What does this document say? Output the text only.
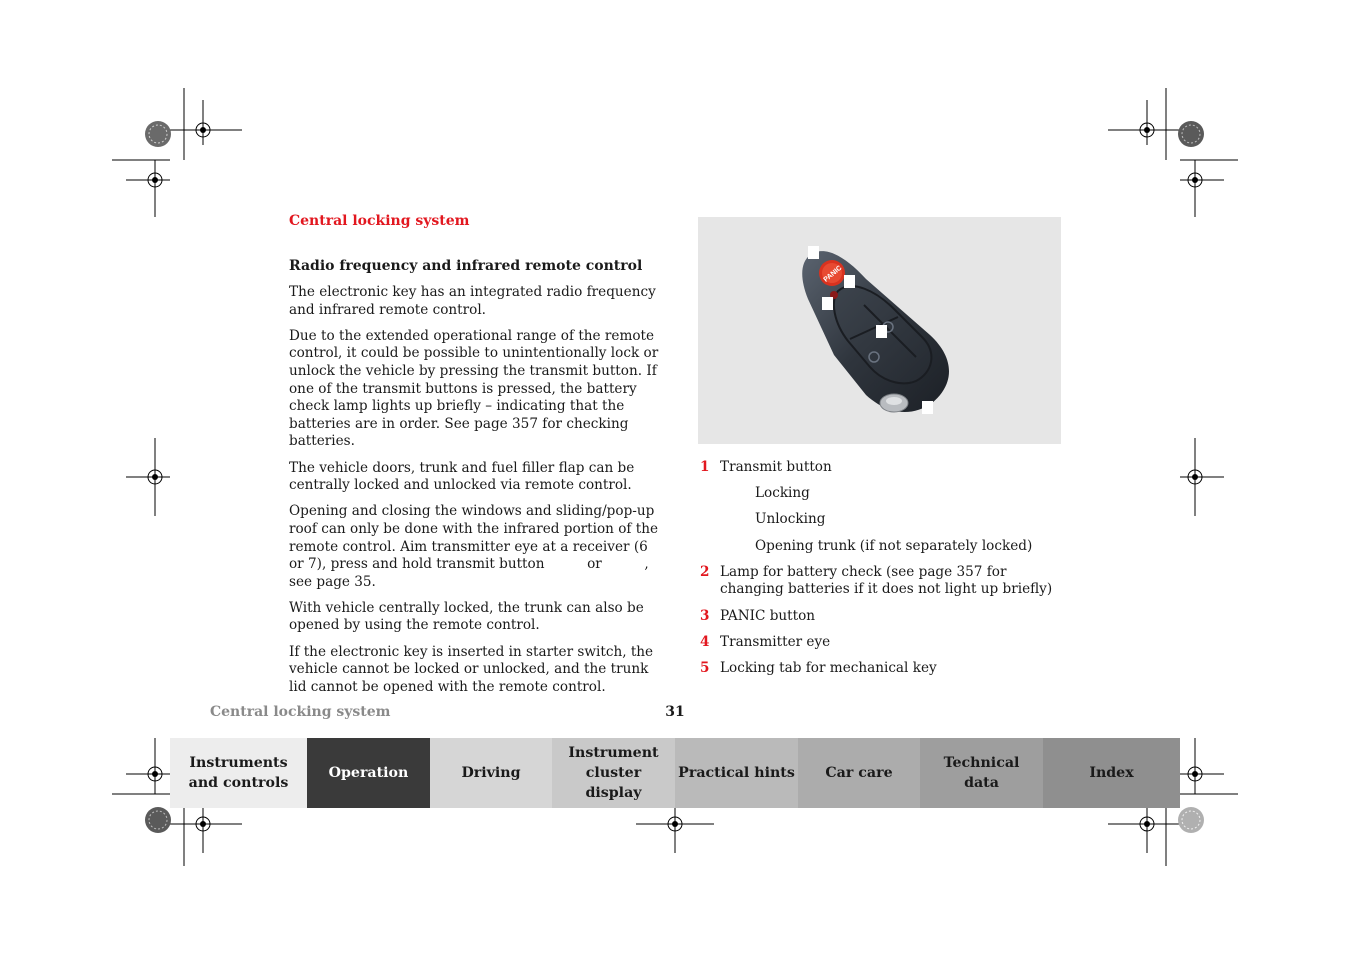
Central locking system
Radio frequency and infrared remote control

The electronic key has an integrated radio frequency and infrared remote control.

Due to the extended operational range of the remote control, it could be possible to unintentionally lock or unlock the vehicle by pressing the transmit button. If one of the transmit buttons is pressed, the battery check lamp lights up briefly – indicating that the batteries are in order. See page 357 for checking batteries.

The vehicle doors, trunk and fuel filler flap can be centrally locked and unlocked via remote control.

Opening and closing the windows and sliding/pop-up roof can only be done with the infrared portion of the remote control. Aim transmitter eye at a receiver (6 or 7), press and hold transmit button     or     , see page 35.

With vehicle centrally locked, the trunk can also be opened by using the remote control.

If the electronic key is inserted in starter switch, the vehicle cannot be locked or unlocked, and the trunk lid cannot be opened with the remote control.

PANIC
1 Transmit button
Locking
Unlocking
Opening trunk (if not separately locked)
2 Lamp for battery check (see page 357 for changing batteries if it does not light up briefly)
3 PANIC button
4 Transmitter eye
5 Locking tab for mechanical key
Central locking system	31
Instruments and controls
Operation	Driving
Instrument cluster display
Practical hints Car care
Technical data
Index
